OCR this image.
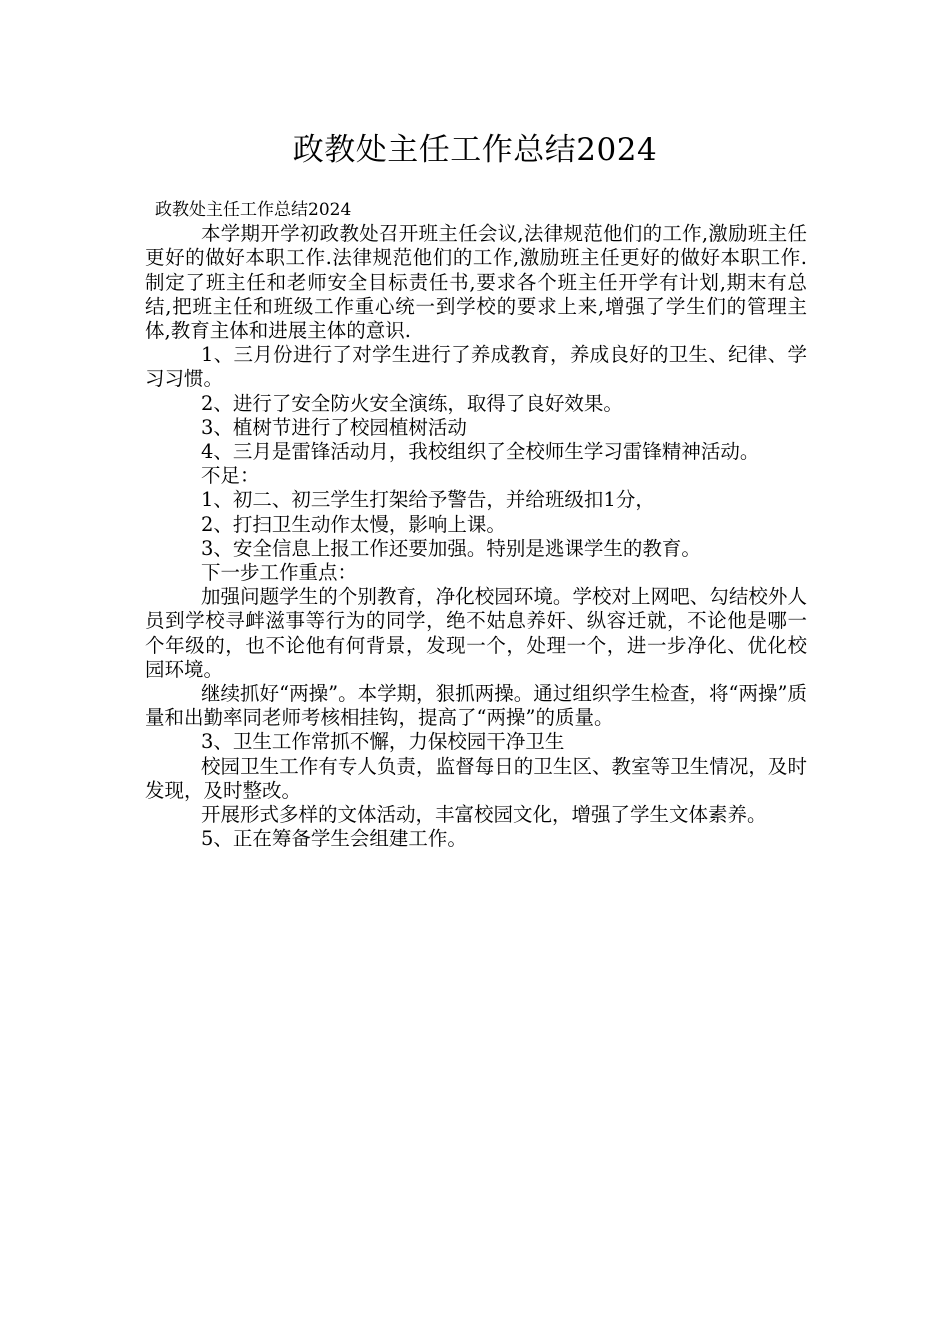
政教处主任工作总结2024

政教处主任工作总结2024

本学期开学初政教处召开班主任会议,法律规范他们的工作,激励班主任更好的做好本职工作.法律规范他们的工作,激励班主任更好的做好本职工作.制定了班主任和老师安全目标责任书,要求各个班主任开学有计划,期末有总结,把班主任和班级工作重心统一到学校的要求上来,增强了学生们的管理主体,教育主体和进展主体的意识.

1、三月份进行了对学生进行了养成教育，养成良好的卫生、纪律、学习习惯。

2、进行了安全防火安全演练，取得了良好效果。

3、植树节进行了校园植树活动

4、三月是雷锋活动月，我校组织了全校师生学习雷锋精神活动。

不足：

1、初二、初三学生打架给予警告，并给班级扣1分，

2、打扫卫生动作太慢，影响上课。

3、安全信息上报工作还要加强。特别是逃课学生的教育。

下一步工作重点：

加强问题学生的个别教育，净化校园环境。学校对上网吧、勾结校外人员到学校寻衅滋事等行为的同学，绝不姑息养奸、纵容迁就，不论他是哪一个年级的，也不论他有何背景，发现一个，处理一个，进一步净化、优化校园环境。

继续抓好“两操”。本学期，狠抓两操。通过组织学生检查，将“两操”质量和出勤率同老师考核相挂钩，提高了“两操”的质量。

3、卫生工作常抓不懈，力保校园干净卫生

校园卫生工作有专人负责，监督每日的卫生区、教室等卫生情况，及时发现，及时整改。

开展形式多样的文体活动，丰富校园文化，增强了学生文体素养。

5、正在筹备学生会组建工作。
